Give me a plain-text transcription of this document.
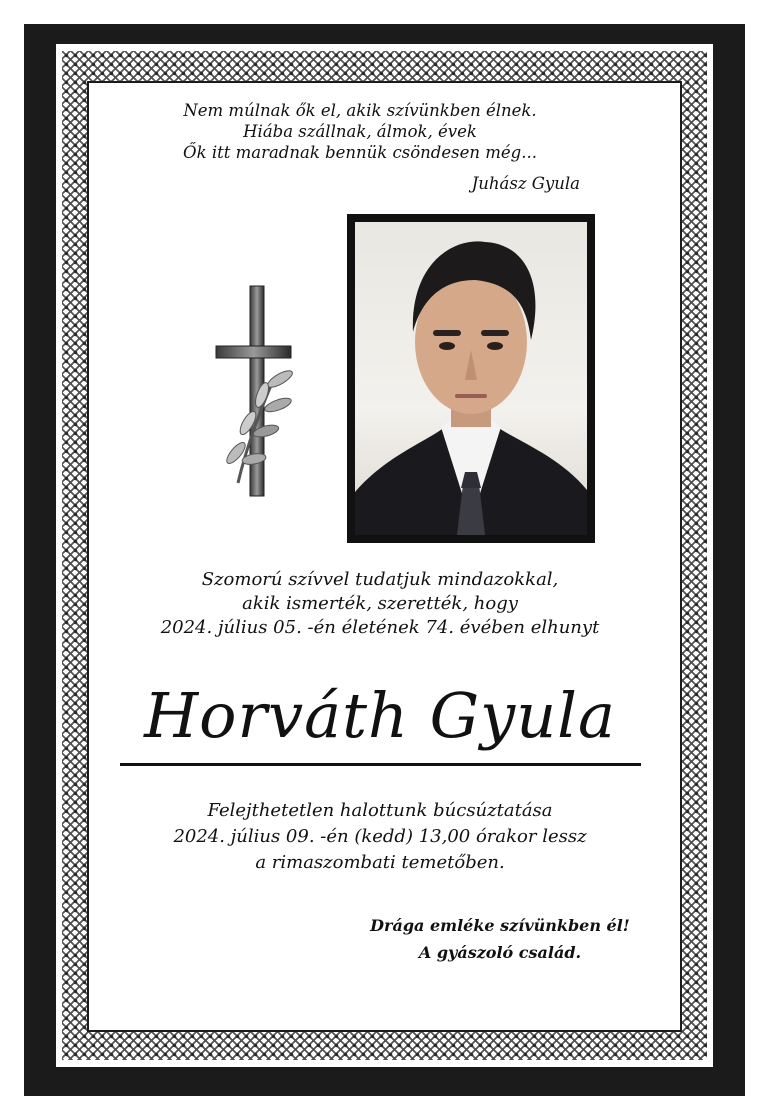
Nem múlnak ők el, akik szívünkben élnek.
Hiába szállnak, álmok, évek
Ők itt maradnak bennük csöndesen még...
Juhász Gyula
Szomorú szívvel tudatjuk mindazokkal,
akik ismerték, szerették, hogy
2024. július 05. -én életének 74. évében elhunyt
Horváth Gyula
Felejthetetlen halottunk búcsúztatása
2024. július 09. -én (kedd) 13,00 órakor lessz
a rimaszombati temetőben.
Drága emléke szívünkben él!
A gyászoló család.
